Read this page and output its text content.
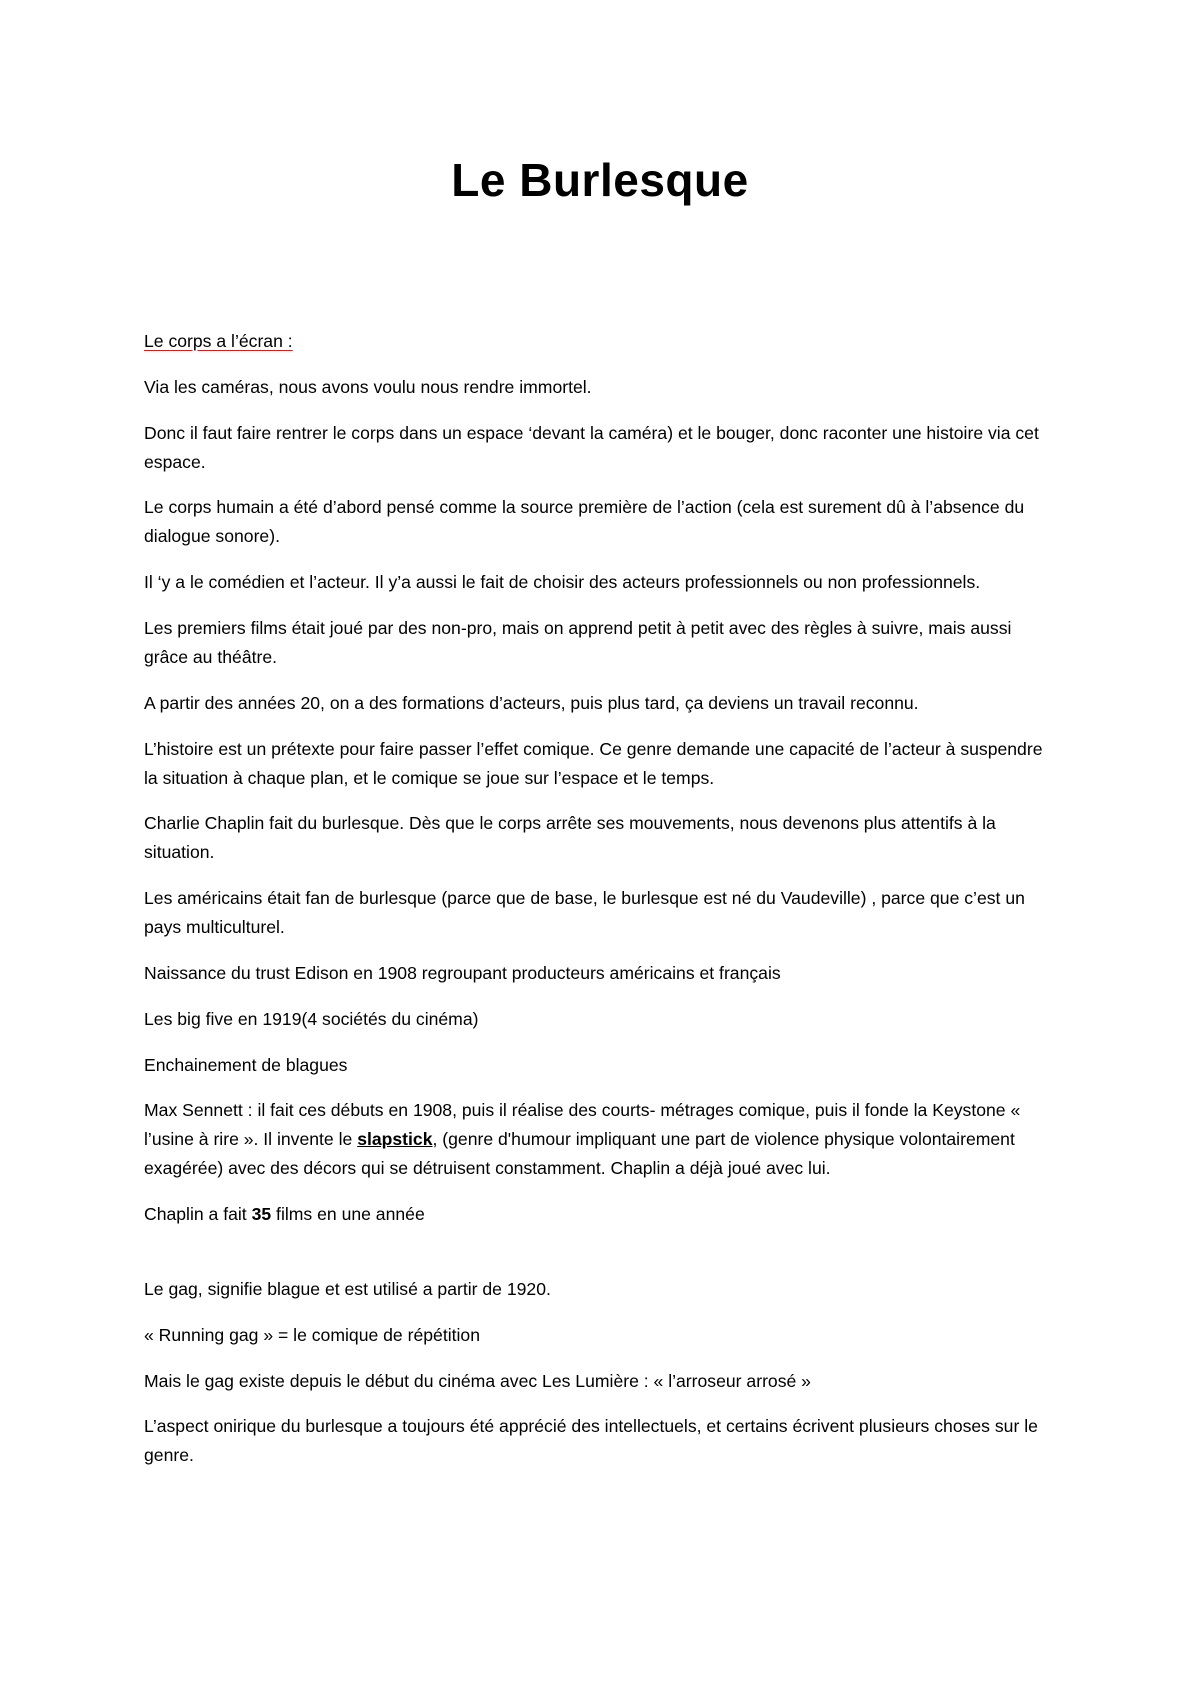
Le Burlesque

Le corps a l’écran :

Via les caméras, nous avons voulu nous rendre immortel.

Donc il faut faire rentrer le corps dans un espace ‘devant la caméra) et le bouger, donc raconter une histoire via cet espace.

Le corps humain a été d’abord pensé comme la source première de l’action (cela est surement dû à l’absence du dialogue sonore).

Il ‘y a le comédien et l’acteur. Il y’a aussi le fait de choisir des acteurs professionnels ou non professionnels.

Les premiers films était joué par des non-pro, mais on apprend petit à petit avec des règles à suivre, mais aussi grâce au théâtre.

A partir des années 20, on a des formations d’acteurs, puis plus tard, ça deviens un travail reconnu.

L’histoire est un prétexte pour faire passer l’effet comique. Ce genre demande une capacité de l’acteur à suspendre la situation à chaque plan, et le comique se joue sur l’espace et le temps.

Charlie Chaplin fait du burlesque. Dès que le corps arrête ses mouvements, nous devenons plus attentifs à la situation.

Les américains était fan de burlesque (parce que de base, le burlesque est né du Vaudeville) , parce que c’est un pays multiculturel.

Naissance du trust Edison en 1908 regroupant producteurs américains et français

Les big five en 1919(4 sociétés du cinéma)

Enchainement de blagues

Max Sennett : il fait ces débuts en 1908, puis il réalise des courts- métrages comique, puis il fonde la Keystone « l’usine à rire ». Il invente le slapstick, (genre d'humour impliquant une part de violence physique volontairement exagérée) avec des décors qui se détruisent constamment. Chaplin a déjà joué avec lui.

Chaplin a fait 35 films en une année

Le gag, signifie blague et est utilisé a partir de 1920.

« Running gag » = le comique de répétition

Mais le gag existe depuis le début du cinéma avec Les Lumière : « l’arroseur arrosé »

L’aspect onirique du burlesque a toujours été apprécié des intellectuels, et certains écrivent plusieurs choses sur le genre.
